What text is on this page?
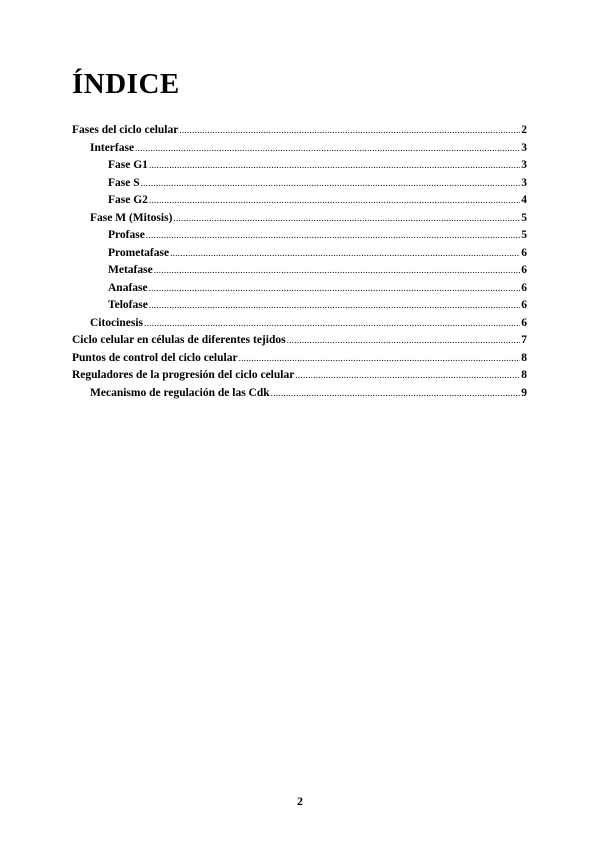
ÍNDICE
Fases del ciclo celular .....	2
Interfase .....	3
Fase G1 .....	3
Fase S .....	3
Fase G2 .....	4
Fase M (Mitosis) .....	5
Profase .....	5
Prometafase .....	6
Metafase .....	6
Anafase .....	6
Telofase .....	6
Citocinesis .....	6
Ciclo celular en células de diferentes tejidos .....	7
Puntos de control del ciclo celular .....	8
Reguladores de la progresión del ciclo celular .....	8
Mecanismo de regulación de las Cdk .....	9
2
